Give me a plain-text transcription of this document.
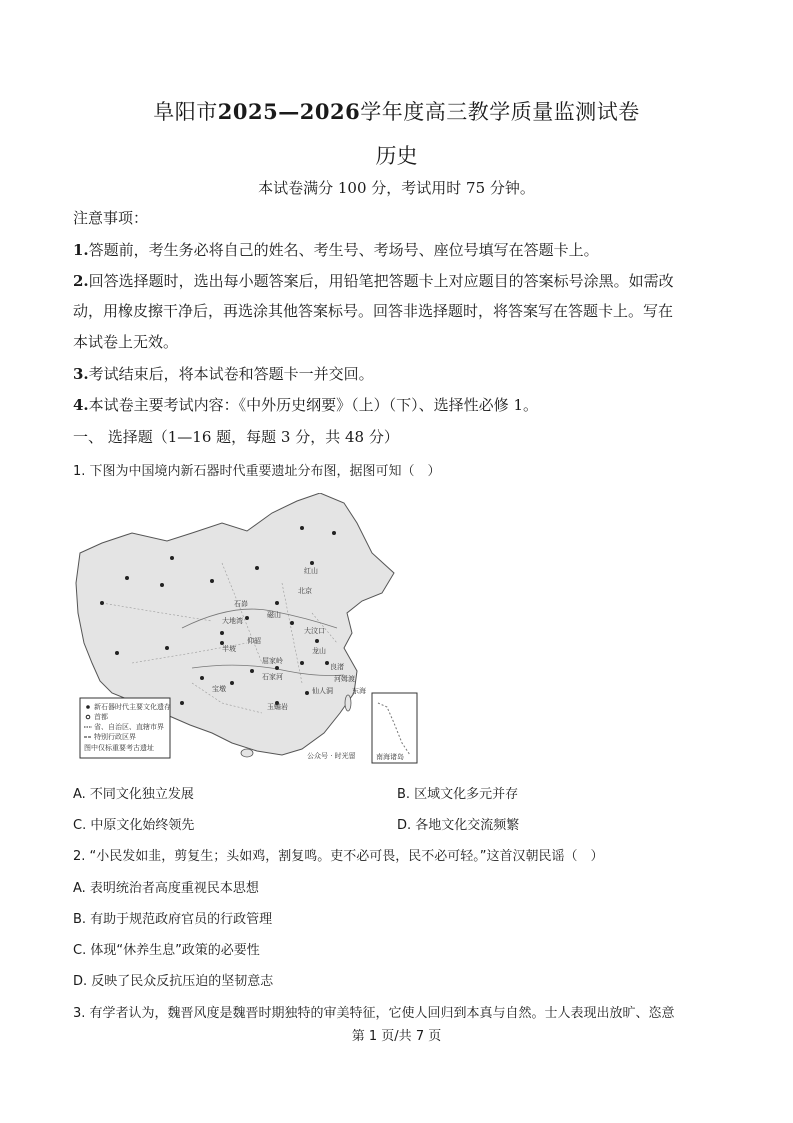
阜阳市2025—2026学年度高三教学质量监测试卷
历史
本试卷满分 100 分，考试用时 75 分钟。
注意事项：
1.答题前，考生务必将自己的姓名、考生号、考场号、座位号填写在答题卡上。
2.回答选择题时，选出每小题答案后，用铅笔把答题卡上对应题目的答案标号涂黑。如需改
动，用橡皮擦干净后，再选涂其他答案标号。回答非选择题时，将答案写在答题卡上。写在
本试卷上无效。
3.考试结束后，将本试卷和答题卡一并交回。
4.本试卷主要考试内容：《中外历史纲要》（上）（下）、选择性必修 1。
一、 选择题（1—16 题，每题 3 分，共 48 分）
1. 下图为中国境内新石器时代重要遗址分布图，据图可知（　）
红山
北京
石峁
大地湾
半坡
仰韶
磁山
大汶口
龙山
良渚
河姆渡
屈家岭
石家河
仙人洞
宝墩
玉蟾岩
东海
新石器时代主要文化遗存
首都
省、自治区、直辖市界
特别行政区界
图中仅标重要考古遗址
南海诸岛
公众号 · 时光留
A. 不同文化独立发展	B. 区域文化多元并存
C. 中原文化始终领先	D. 各地文化交流频繁
2. “小民发如韭，剪复生；头如鸡，割复鸣。吏不必可畏，民不必可轻。”这首汉朝民谣（　）
A. 表明统治者高度重视民本思想
B. 有助于规范政府官员的行政管理
C. 体现“休养生息”政策的必要性
D. 反映了民众反抗压迫的坚韧意志
3. 有学者认为，魏晋风度是魏晋时期独特的审美特征，它使人回归到本真与自然。士人表现出放旷、恣意
第 1 页/共 7 页
